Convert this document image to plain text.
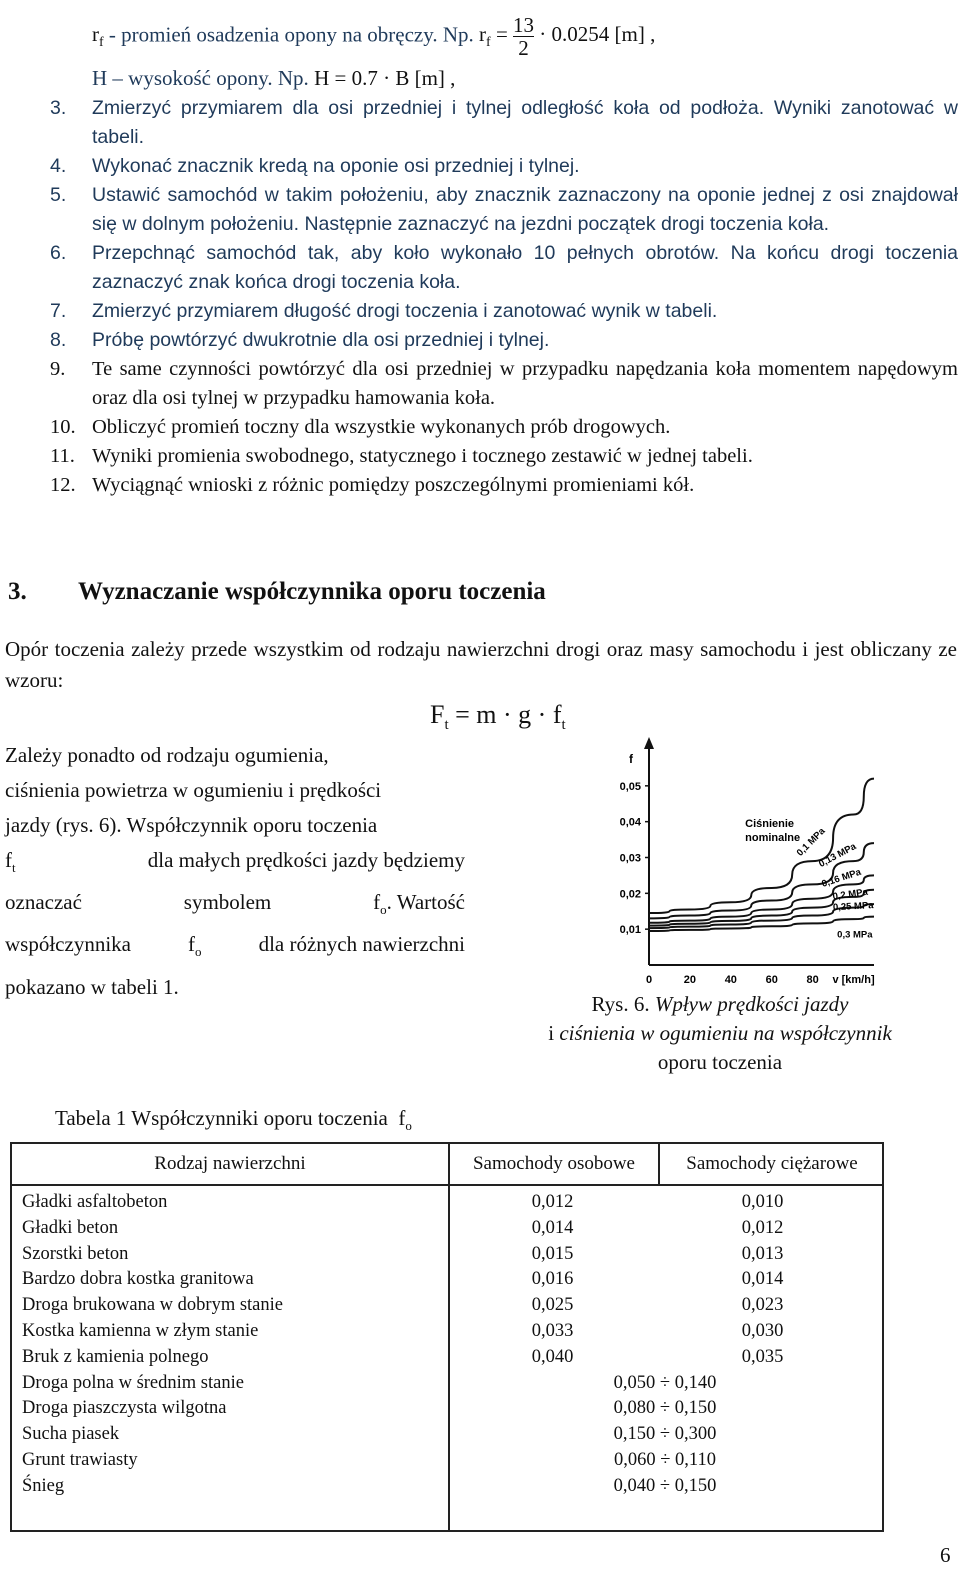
$r_f$ - promień osadzenia opony na obręczy. Np. $r_f = \frac{13}{2} \cdot 0.0254$ [m] ,
H – wysokość opony. Np. H = 0.7 · B [m] ,
3.	Zmierzyć przymiarem dla osi przedniej i tylnej odległość koła od podłoża. Wyniki zanotować w tabeli.
4.	Wykonać znacznik kredą na oponie osi przedniej i tylnej.
5.	Ustawić samochód w takim położeniu, aby znacznik zaznaczony na oponie jednej z osi znajdował się w dolnym położeniu. Następnie zaznaczyć na jezdni początek drogi toczenia koła.
6.	Przepchnąć samochód tak, aby koło wykonało 10 pełnych obrotów. Na końcu drogi toczenia zaznaczyć znak końca drogi toczenia koła.
7.	Zmierzyć przymiarem długość drogi toczenia i zanotować wynik w tabeli.
8.	Próbę powtórzyć dwukrotnie dla osi przedniej i tylnej.
9.	Te same czynności powtórzyć dla osi przedniej w przypadku napędzania koła momentem napędowym oraz dla osi tylnej w przypadku hamowania koła.
10. Obliczyć promień toczny dla wszystkie wykonanych prób drogowych.
11. Wyniki promienia swobodnego, statycznego i tocznego zestawić w jednej tabeli.
12. Wyciągnąć wnioski z różnic pomiędzy poszczególnymi promieniami kół.
3. Wyznaczanie współczynnika oporu toczenia
Opór toczenia zależy przede wszystkim od rodzaju nawierzchni drogi oraz masy samochodu i jest obliczany ze wzoru:
$F_t = m \cdot g \cdot f_t$
Zależy ponadto od rodzaju ogumienia,
ciśnienia powietrza w ogumieniu i prędkości
jazdy (rys. 6). Współczynnik oporu toczenia
$f_t$	dla małych prędkości jazdy będziemy
oznaczać	symbolem	$f_o$. Wartość
współczynnika	$f_o$	dla różnych nawierzchni
pokazano w tabeli 1.
0,01
0,02
0,03
0,04
0,05
0	20	40	60	80 v [km/h]
f
0,1 MPa
0,13 MPa
0,16 MPa
0,2 MPa
0,25 MPa
0,3 MPa
Ciśnienie
nominalne
Rys. 6. Wpływ prędkości jazdy
i ciśnienia w ogumieniu na współczynnik
oporu toczenia
Tabela 1 Współczynniki oporu toczenia $f_o$
Rodzaj nawierzchni	Samochody osobowe	Samochody ciężarowe
Gładki asfaltobeton	0,012	0,010
Gładki beton	0,014	0,012
Szorstki beton	0,015	0,013
Bardzo dobra kostka granitowa	0,016	0,014
Droga brukowana w dobrym stanie	0,025	0,023
Kostka kamienna w złym stanie	0,033	0,030
Bruk z kamienia polnego	0,040	0,035
Droga polna w średnim stanie	0,050 ÷ 0,140
Droga piaszczysta wilgotna	0,080 ÷ 0,150
Sucha piasek	0,150 ÷ 0,300
Grunt trawiasty	0,060 ÷ 0,110
Śnieg	0,040 ÷ 0,150
6
